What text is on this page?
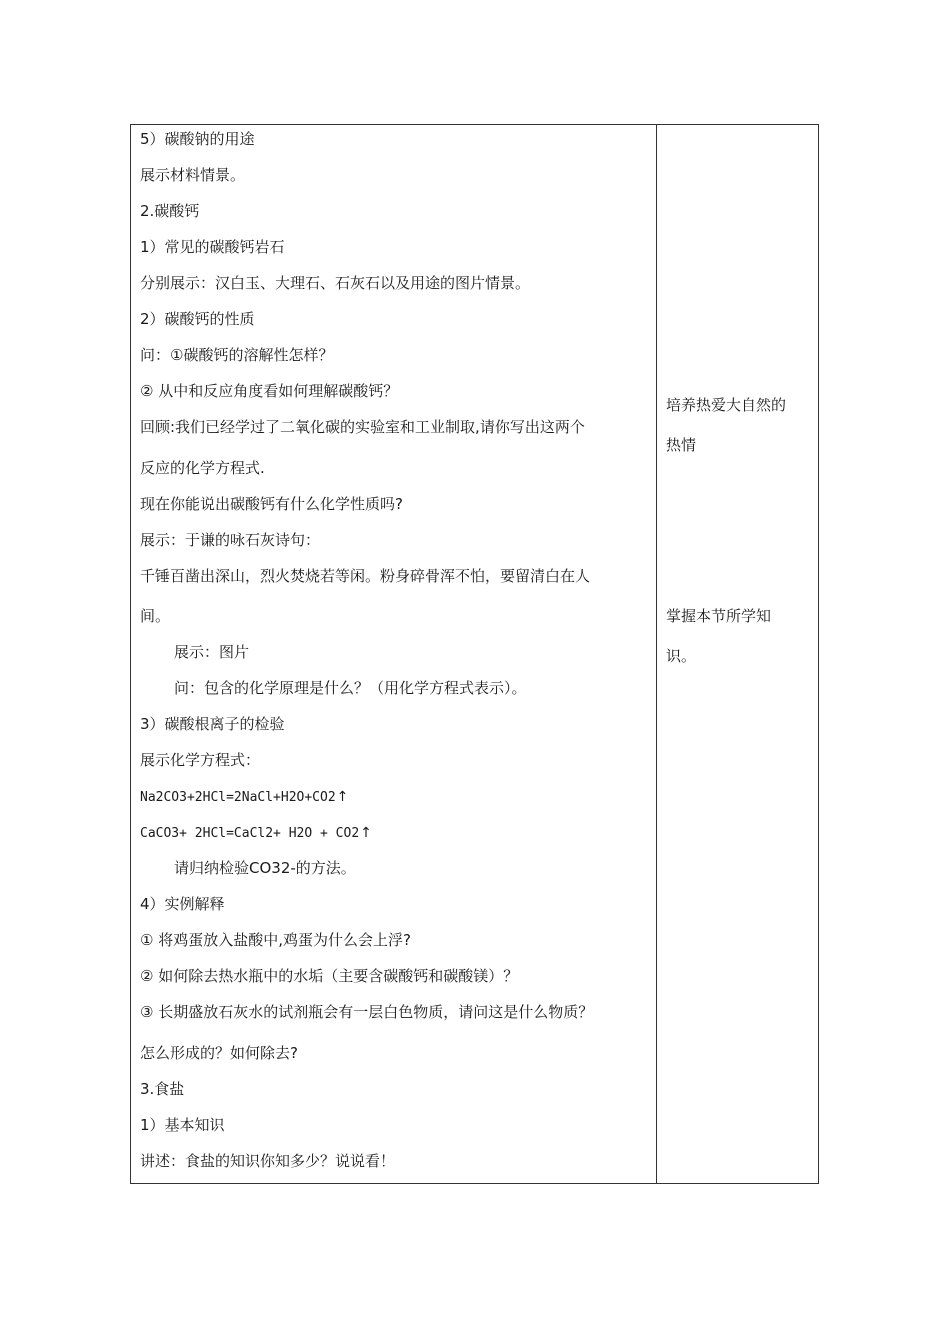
5）碳酸钠的用途
展示材料情景。
2.碳酸钙
1）常见的碳酸钙岩石
分别展示：汉白玉、大理石、石灰石以及用途的图片情景。
2）碳酸钙的性质
问：①碳酸钙的溶解性怎样？
② 从中和反应角度看如何理解碳酸钙？
回顾:我们已经学过了二氧化碳的实验室和工业制取,请你写出这两个
反应的化学方程式.
现在你能说出碳酸钙有什么化学性质吗?
展示：于谦的咏石灰诗句：
千锤百凿出深山，烈火焚烧若等闲。粉身碎骨浑不怕，要留清白在人
间。
展示：图片
问：包含的化学原理是什么？（用化学方程式表示）。
3）碳酸根离子的检验
展示化学方程式：
Na2CO3+2HCl=2NaCl+H2O+CO2↑
CaCO3+ 2HCl=CaCl2+ H2O + CO2↑
请归纳检验CO32-的方法。
4）实例解释
① 将鸡蛋放入盐酸中,鸡蛋为什么会上浮?
② 如何除去热水瓶中的水垢（主要含碳酸钙和碳酸镁）？
③ 长期盛放石灰水的试剂瓶会有一层白色物质，请问这是什么物质？
怎么形成的？如何除去?
3.食盐
1）基本知识
讲述：食盐的知识你知多少？说说看！
培养热爱大自然的
热情
掌握本节所学知
识。
